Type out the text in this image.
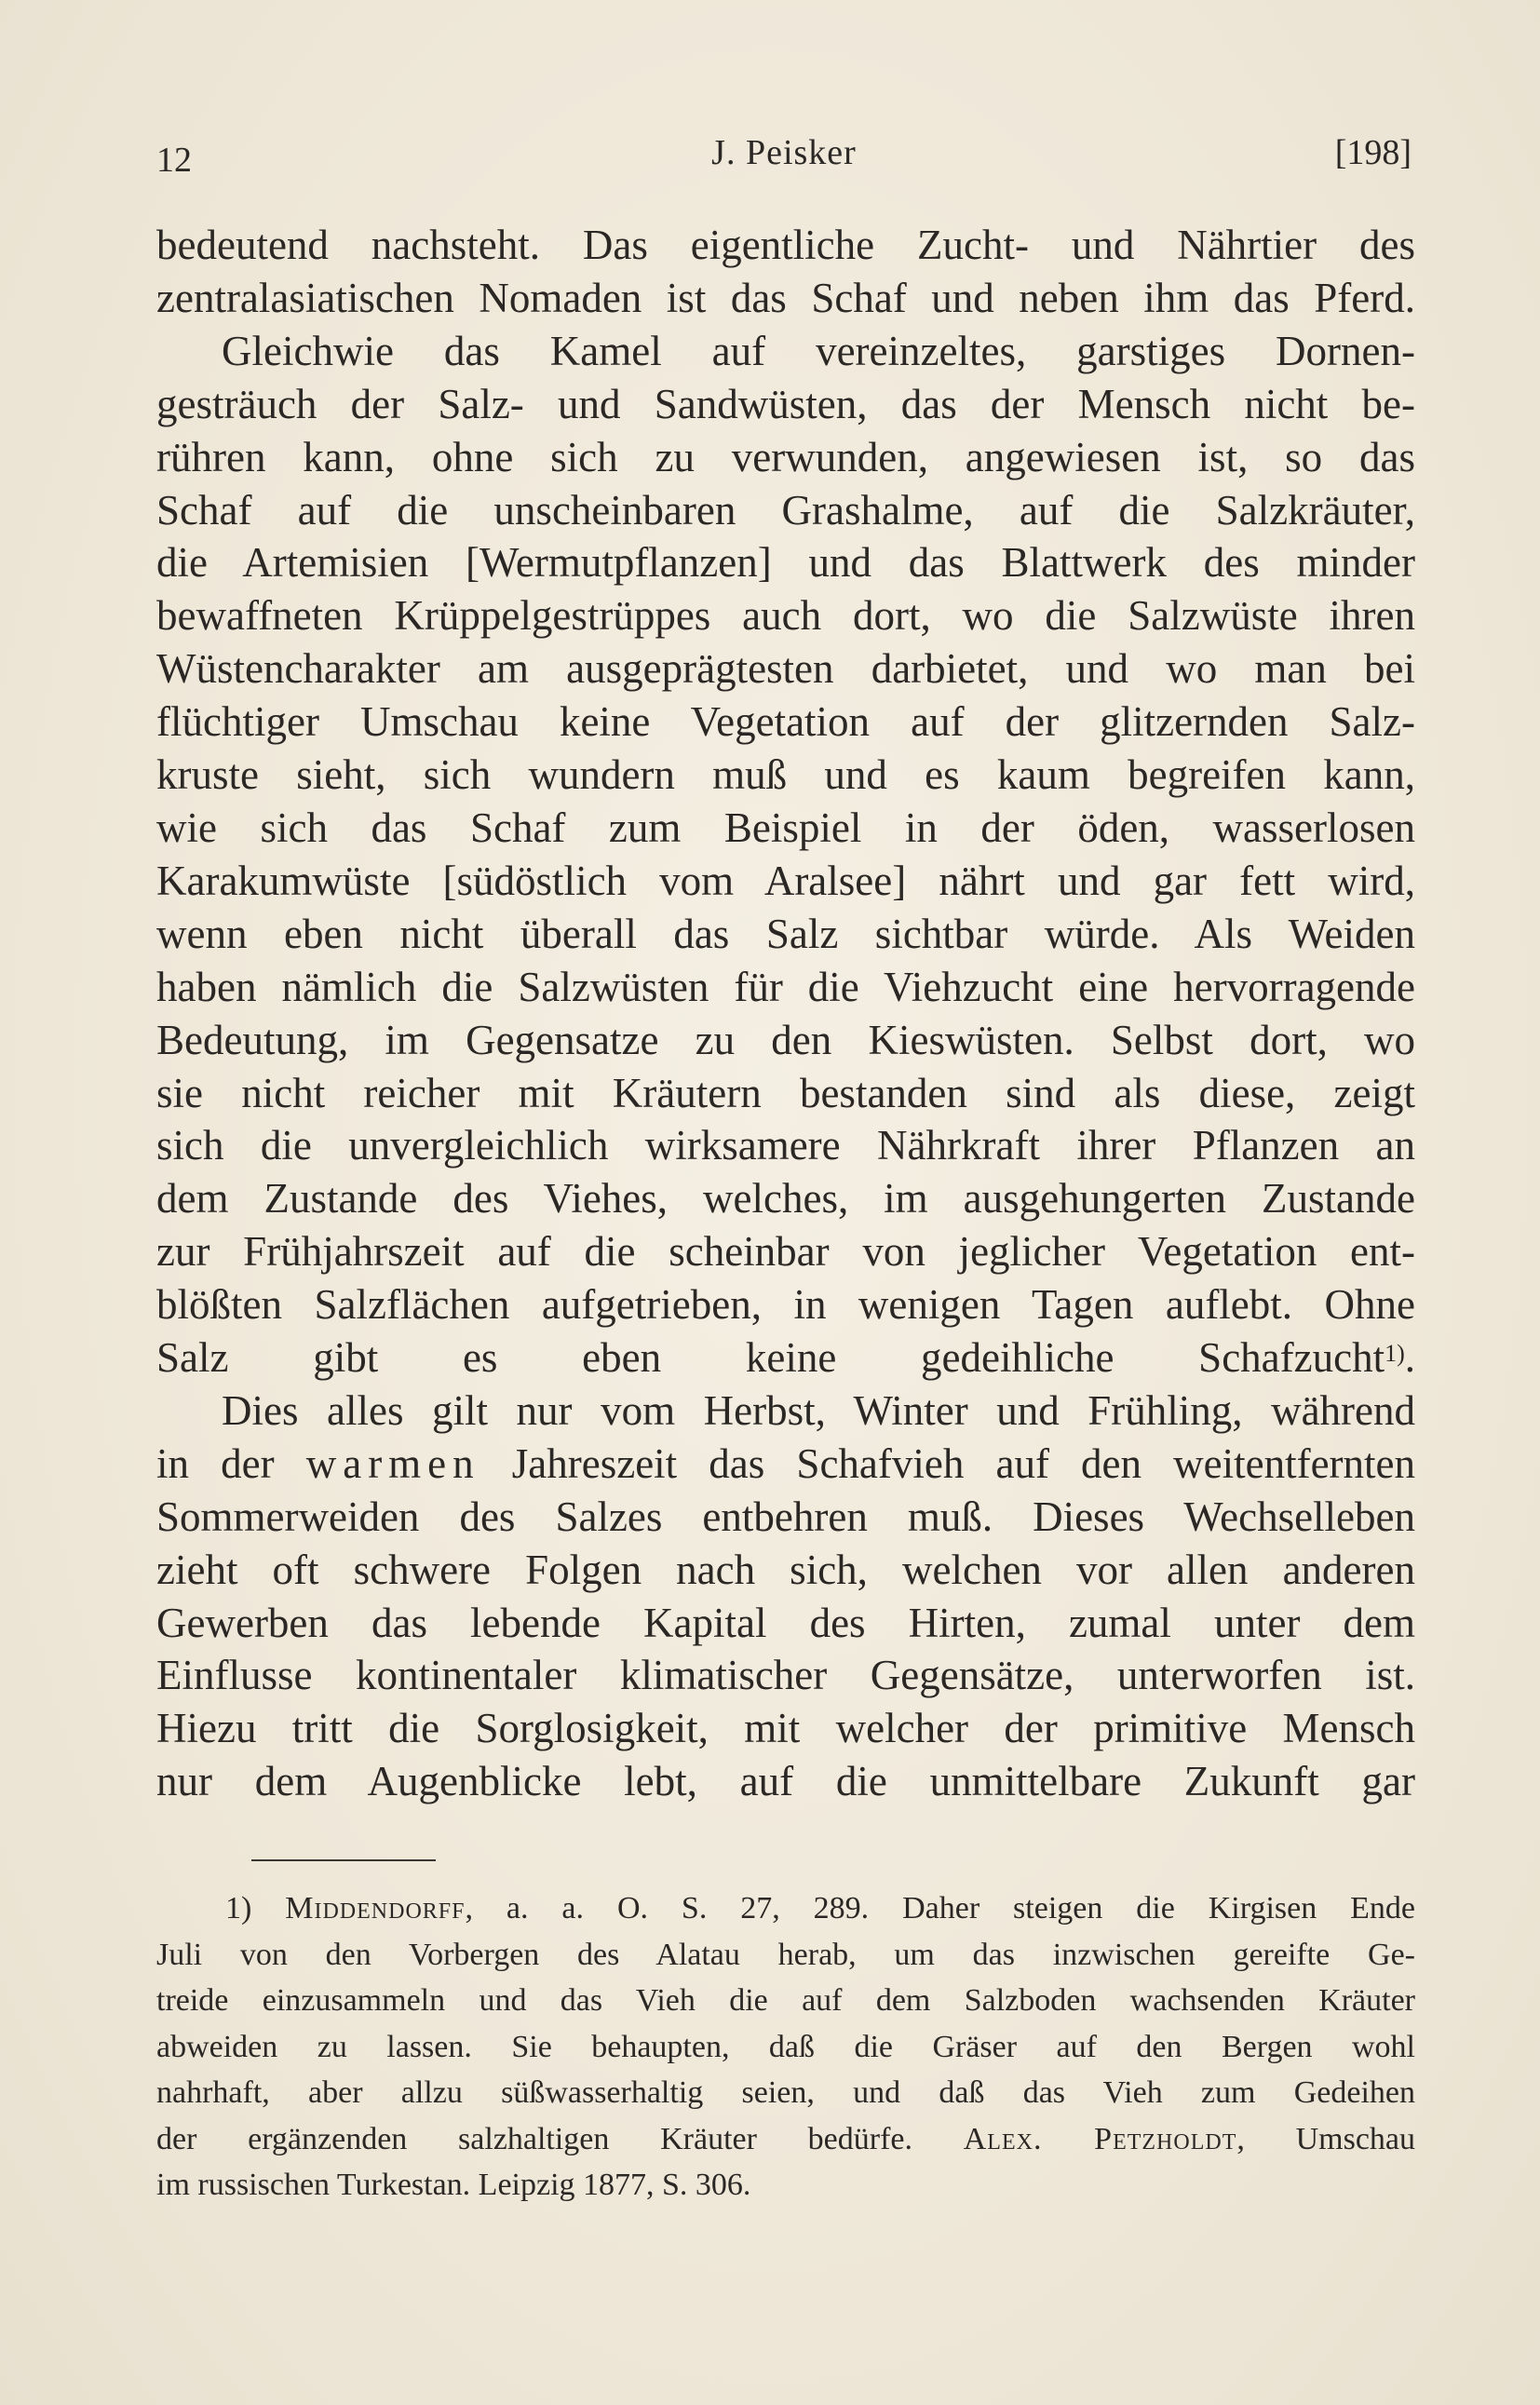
12	J. Peisker	[198]

bedeutend nachsteht. Das eigentliche Zucht- und Nährtier des
zentralasiatischen Nomaden ist das Schaf und neben ihm das Pferd.

Gleichwie das Kamel auf vereinzeltes, garstiges Dornen-
gesträuch der Salz- und Sandwüsten, das der Mensch nicht be-
rühren kann, ohne sich zu verwunden, angewiesen ist, so das
Schaf auf die unscheinbaren Grashalme, auf die Salzkräuter,
die Artemisien [Wermutpflanzen] und das Blattwerk des minder
bewaffneten Krüppelgestrüppes auch dort, wo die Salzwüste ihren
Wüstencharakter am ausgeprägtesten darbietet, und wo man bei
flüchtiger Umschau keine Vegetation auf der glitzernden Salz-
kruste sieht, sich wundern muß und es kaum begreifen kann,
wie sich das Schaf zum Beispiel in der öden, wasserlosen
Karakumwüste [südöstlich vom Aralsee] nährt und gar fett wird,
wenn eben nicht überall das Salz sichtbar würde. Als Weiden
haben nämlich die Salzwüsten für die Viehzucht eine hervorragende
Bedeutung, im Gegensatze zu den Kieswüsten. Selbst dort, wo
sie nicht reicher mit Kräutern bestanden sind als diese, zeigt
sich die unvergleichlich wirksamere Nährkraft ihrer Pflanzen an
dem Zustande des Viehes, welches, im ausgehungerten Zustande
zur Frühjahrszeit auf die scheinbar von jeglicher Vegetation ent-
blößten Salzflächen aufgetrieben, in wenigen Tagen auflebt. Ohne
Salz gibt es eben keine gedeihliche Schafzucht$^{1)}$.

Dies alles gilt nur vom Herbst, Winter und Frühling, während
in der warmen Jahreszeit das Schafvieh auf den weitentfernten
Sommerweiden des Salzes entbehren muß. Dieses Wechselleben
zieht oft schwere Folgen nach sich, welchen vor allen anderen
Gewerben das lebende Kapital des Hirten, zumal unter dem
Einflusse kontinentaler klimatischer Gegensätze, unterworfen ist.
Hiezu tritt die Sorglosigkeit, mit welcher der primitive Mensch
nur dem Augenblicke lebt, auf die unmittelbare Zukunft gar

1) Middendorff, a. a. O. S. 27, 289. Daher steigen die Kirgisen Ende
Juli von den Vorbergen des Alatau herab, um das inzwischen gereifte Ge-
treide einzusammeln und das Vieh die auf dem Salzboden wachsenden Kräuter
abweiden zu lassen. Sie behaupten, daß die Gräser auf den Bergen wohl
nahrhaft, aber allzu süßwasserhaltig seien, und daß das Vieh zum Gedeihen
der ergänzenden salzhaltigen Kräuter bedürfe. Alex. Petzholdt, Umschau
im russischen Turkestan. Leipzig 1877, S. 306.
